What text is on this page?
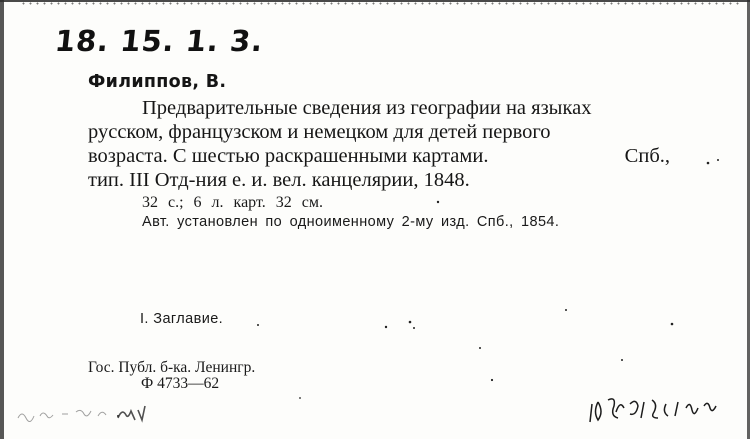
18. 15. 1. 3.
Филиппов, В.
Предварительные сведения из географии на языках
русском, французском и немецком для детей первого
возраста. С шестью раскрашенными картами.	Спб.,
тип. III Отд-ния е. и. вел. канцелярии, 1848.
32 с.; 6 л. карт. 32 см.
Авт. установлен по одноименному 2-му изд. Спб., 1854.
I. Заглавие.
Гос. Публ. б-ка. Ленингр.
Ф 4733—62
